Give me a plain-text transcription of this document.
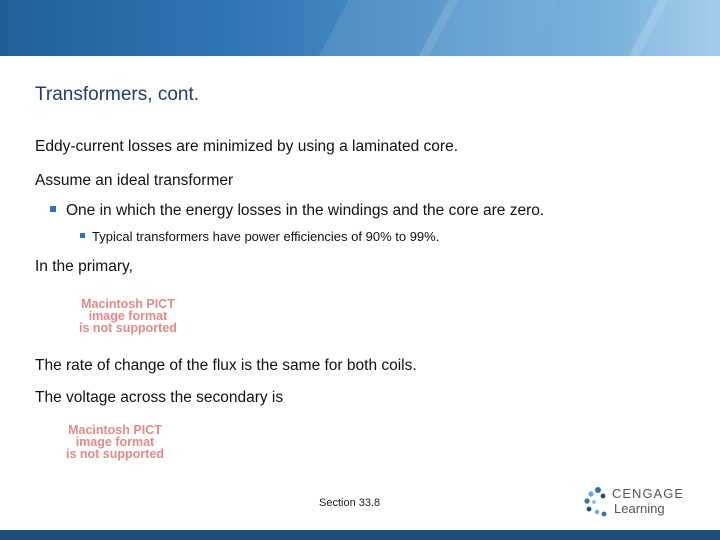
Transformers, cont.
Eddy-current losses are minimized by using a laminated core.
Assume an ideal transformer
One in which the energy losses in the windings and the core are zero.
Typical transformers have power efficiencies of 90% to 99%.
In the primary,
Macintosh PICT
image format
is not supported
The rate of change of the flux is the same for both coils.
The voltage across the secondary is
Macintosh PICT
image format
is not supported
Section 33.8
CENGAGE
Learning
